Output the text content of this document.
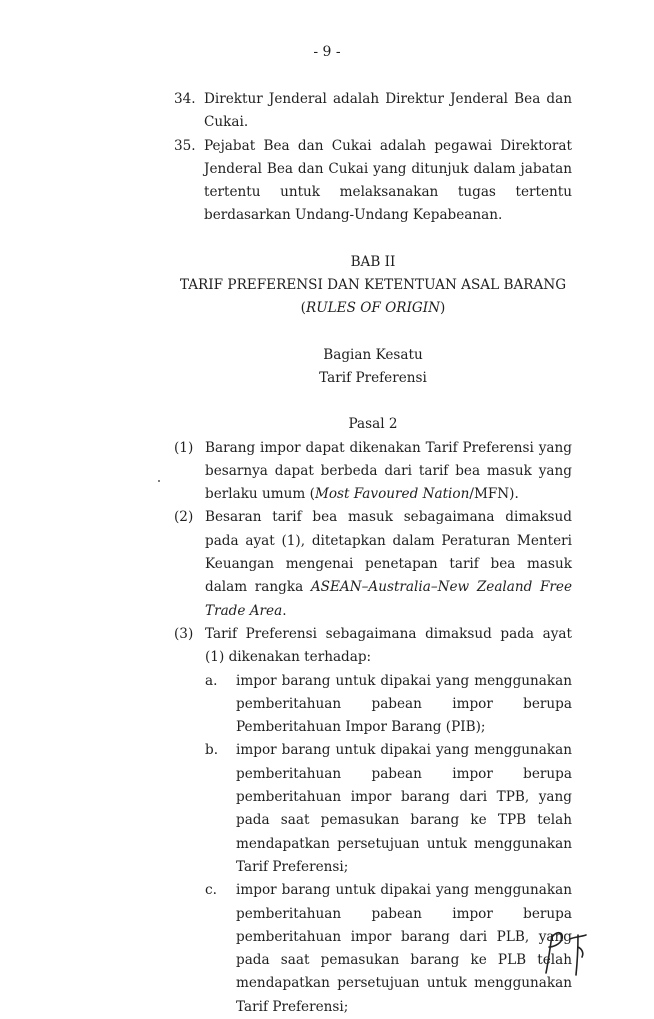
- 9 -
34. Direktur Jenderal adalah Direktur Jenderal Bea dan Cukai.
35. Pejabat Bea dan Cukai adalah pegawai Direktorat Jenderal Bea dan Cukai yang ditunjuk dalam jabatan tertentu untuk melaksanakan tugas tertentu berdasarkan Undang-Undang Kepabeanan.
BAB II
TARIF PREFERENSI DAN KETENTUAN ASAL BARANG
(RULES OF ORIGIN)
Bagian Kesatu
Tarif Preferensi
Pasal 2
(1) Barang impor dapat dikenakan Tarif Preferensi yang besarnya dapat berbeda dari tarif bea masuk yang berlaku umum (Most Favoured Nation/MFN).
(2) Besaran tarif bea masuk sebagaimana dimaksud pada ayat (1), ditetapkan dalam Peraturan Menteri Keuangan mengenai penetapan tarif bea masuk dalam rangka ASEAN–Australia–New Zealand Free Trade Area.
(3) Tarif Preferensi sebagaimana dimaksud pada ayat (1) dikenakan terhadap:
a.	impor barang untuk dipakai yang menggunakan pemberitahuan pabean impor berupa Pemberitahuan Impor Barang (PIB);
b.	impor barang untuk dipakai yang menggunakan pemberitahuan pabean impor berupa pemberitahuan impor barang dari TPB, yang pada saat pemasukan barang ke TPB telah mendapatkan persetujuan untuk menggunakan Tarif Preferensi;
c.	impor barang untuk dipakai yang menggunakan pemberitahuan pabean impor berupa pemberitahuan impor barang dari PLB, yang pada saat pemasukan barang ke PLB telah mendapatkan persetujuan untuk menggunakan Tarif Preferensi;
